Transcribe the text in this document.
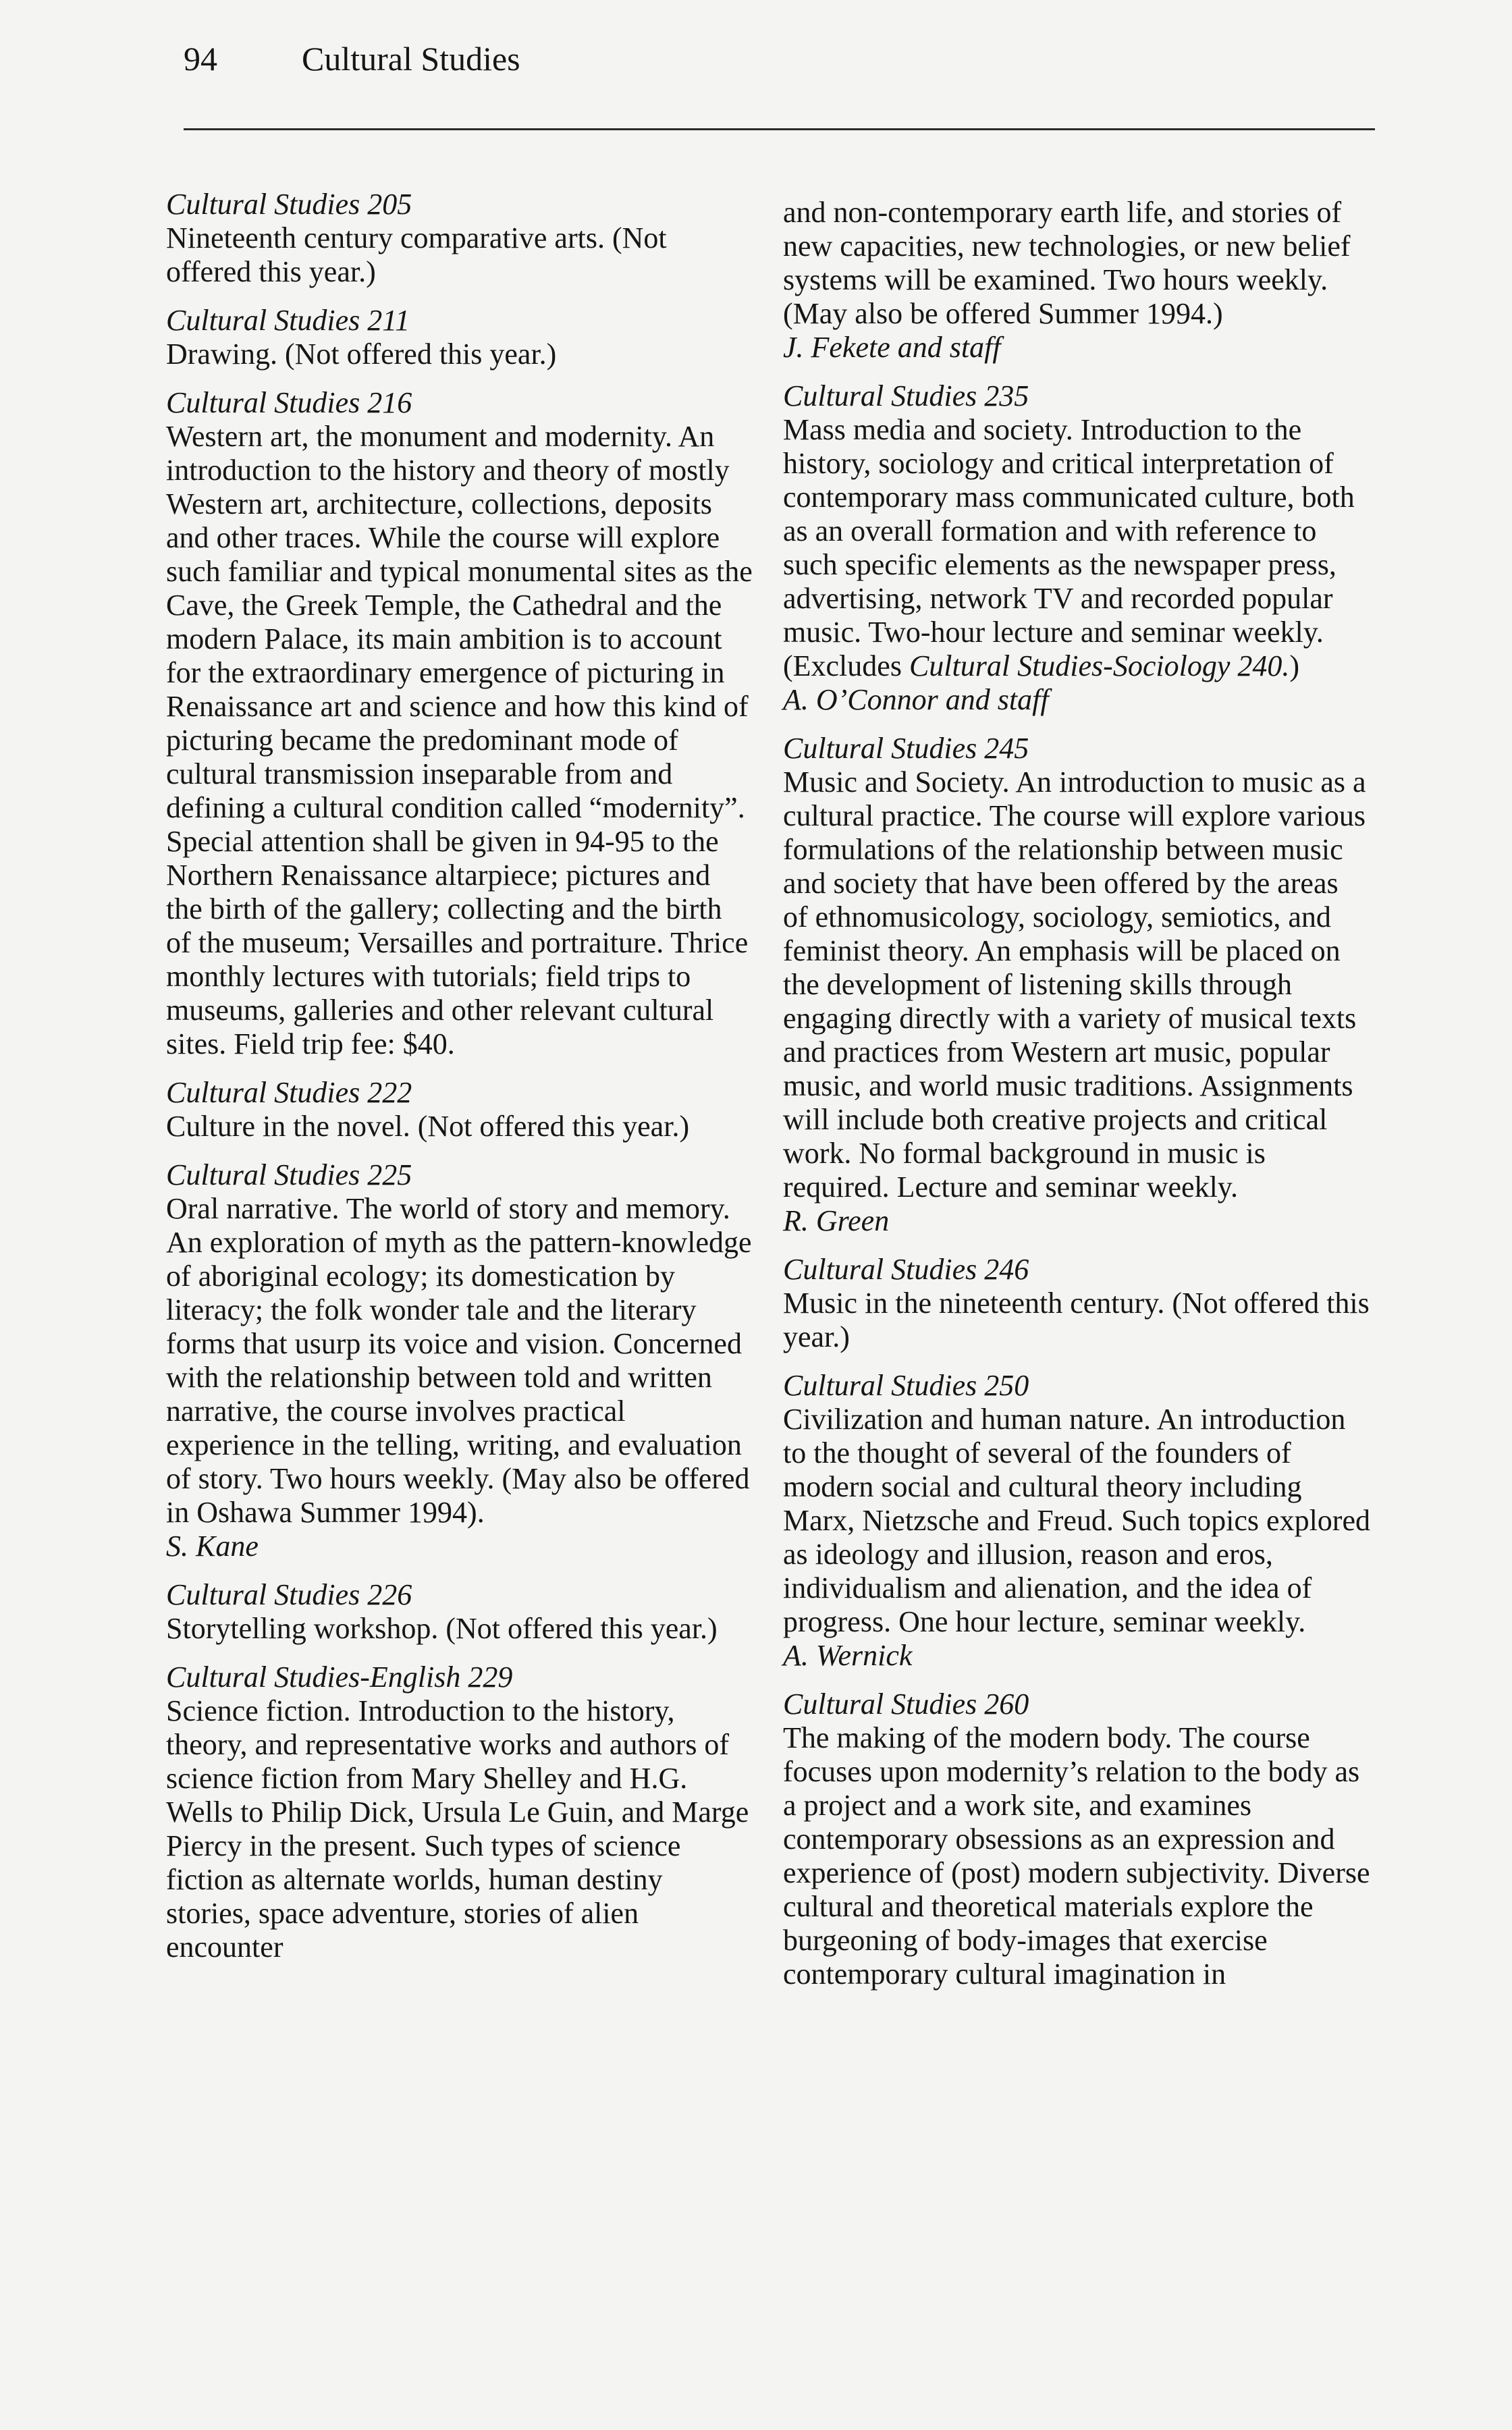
94	Cultural Studies
Cultural Studies 205
Nineteenth century comparative arts. (Not offered this year.)
Cultural Studies 211
Drawing. (Not offered this year.)
Cultural Studies 216
Western art, the monument and modernity. An introduction to the history and theory of mostly Western art, architecture, collections, deposits and other traces. While the course will explore such familiar and typical monumental sites as the Cave, the Greek Temple, the Cathedral and the modern Palace, its main ambition is to account for the extraordinary emergence of picturing in Renaissance art and science and how this kind of picturing became the predominant mode of cultural transmission inseparable from and defining a cultural condition called “modernity”. Special attention shall be given in 94-95 to the Northern Renaissance altarpiece; pictures and the birth of the gallery; collecting and the birth of the museum; Versailles and portraiture. Thrice monthly lectures with tutorials; field trips to museums, galleries and other relevant cultural sites. Field trip fee: $40.
Cultural Studies 222
Culture in the novel. (Not offered this year.)
Cultural Studies 225
Oral narrative. The world of story and memory. An exploration of myth as the pattern-knowledge of aboriginal ecology; its domestication by literacy; the folk wonder tale and the literary forms that usurp its voice and vision. Concerned with the relationship between told and written narrative, the course involves practical experience in the telling, writing, and evaluation of story. Two hours weekly. (May also be offered in Oshawa Summer 1994).
S. Kane
Cultural Studies 226
Storytelling workshop. (Not offered this year.)
Cultural Studies-English 229
Science fiction. Introduction to the history, theory, and representative works and authors of science fiction from Mary Shelley and H.G. Wells to Philip Dick, Ursula Le Guin, and Marge Piercy in the present. Such types of science fiction as alternate worlds, human destiny stories, space adventure, stories of alien encounter
and non-contemporary earth life, and stories of new capacities, new technologies, or new belief systems will be examined. Two hours weekly. (May also be offered Summer 1994.)
J. Fekete and staff
Cultural Studies 235
Mass media and society. Introduction to the history, sociology and critical interpretation of contemporary mass communicated culture, both as an overall formation and with reference to such specific elements as the newspaper press, advertising, network TV and recorded popular music. Two-hour lecture and seminar weekly. (Excludes Cultural Studies-Sociology 240.)
A. O’Connor and staff
Cultural Studies 245
Music and Society. An introduction to music as a cultural practice. The course will explore various formulations of the relationship between music and society that have been offered by the areas of ethnomusicology, sociology, semiotics, and feminist theory. An emphasis will be placed on the development of listening skills through engaging directly with a variety of musical texts and practices from Western art music, popular music, and world music traditions. Assignments will include both creative projects and critical work. No formal background in music is required. Lecture and seminar weekly.
R. Green
Cultural Studies 246
Music in the nineteenth century. (Not offered this year.)
Cultural Studies 250
Civilization and human nature. An introduction to the thought of several of the founders of modern social and cultural theory including Marx, Nietzsche and Freud. Such topics explored as ideology and illusion, reason and eros, individualism and alienation, and the idea of progress. One hour lecture, seminar weekly.
A. Wernick
Cultural Studies 260
The making of the modern body. The course focuses upon modernity’s relation to the body as a project and a work site, and examines contemporary obsessions as an expression and experience of (post) modern subjectivity. Diverse cultural and theoretical materials explore the burgeoning of body-images that exercise contemporary cultural imagination in
